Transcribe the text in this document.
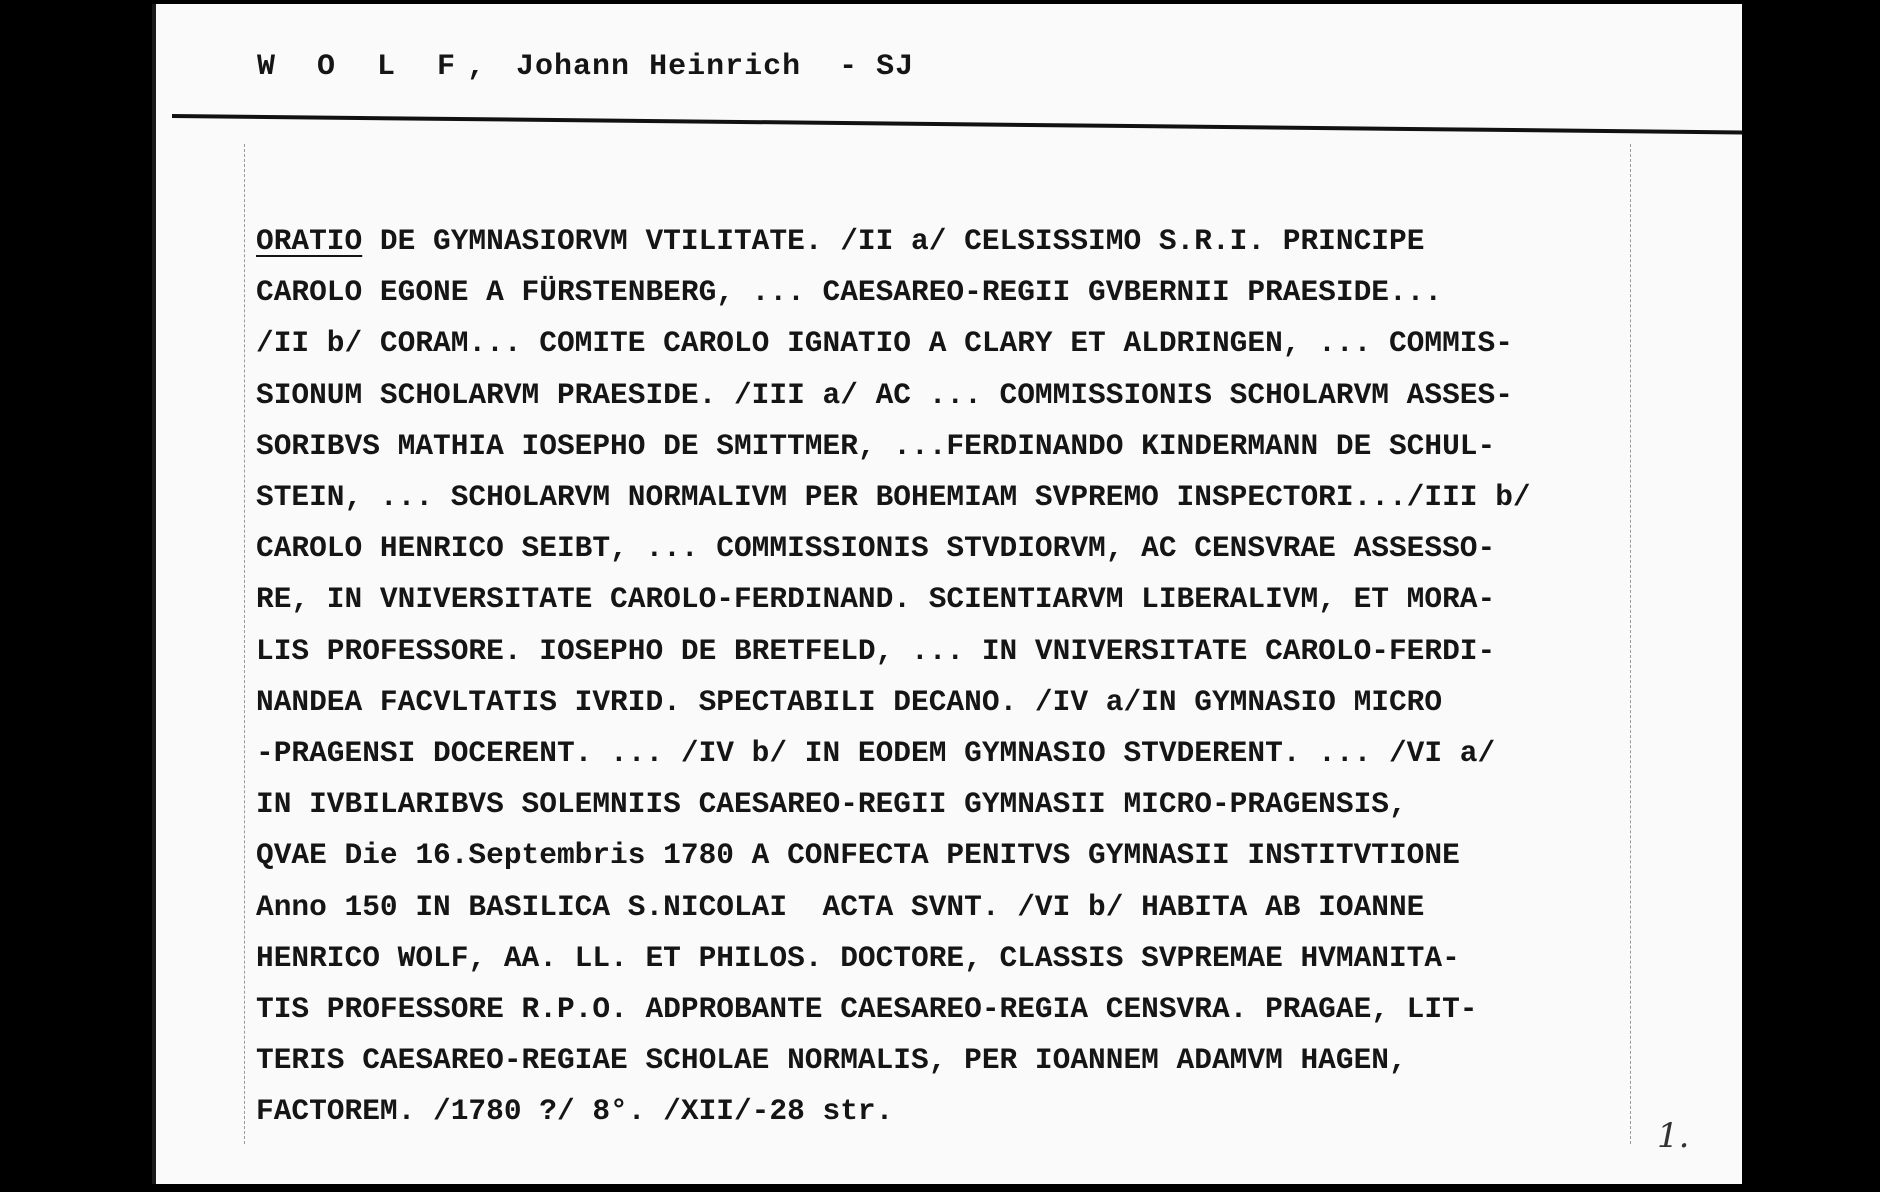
W O L F, Johann Heinrich - SJ
ORATIO DE GYMNASIORVM VTILITATE. /II a/ CELSISSIMO S.R.I. PRINCIPE
CAROLO EGONE A FÜRSTENBERG, ... CAESAREO-REGII GVBERNII PRAESIDE...
/II b/ CORAM... COMITE CAROLO IGNATIO A CLARY ET ALDRINGEN, ... COMMIS-
SIONUM SCHOLARVM PRAESIDE. /III a/ AC ... COMMISSIONIS SCHOLARVM ASSES-
SORIBVS MATHIA IOSEPHO DE SMITTMER, ...FERDINANDO KINDERMANN DE SCHUL-
STEIN, ... SCHOLARVM NORMALIVM PER BOHEMIAM SVPREMO INSPECTORI.../III b/
CAROLO HENRICO SEIBT, ... COMMISSIONIS STVDIORVM, AC CENSVRAE ASSESSO-
RE, IN VNIVERSITATE CAROLO-FERDINAND. SCIENTIARVM LIBERALIVM, ET MORA-
LIS PROFESSORE. IOSEPHO DE BRETFELD, ... IN VNIVERSITATE CAROLO-FERDI-
NANDEA FACVLTATIS IVRID. SPECTABILI DECANO. /IV a/IN GYMNASIO MICRO
-PRAGENSI DOCERENT. ... /IV b/ IN EODEM GYMNASIO STVDERENT. ... /VI a/
IN IVBILARIBVS SOLEMNIIS CAESAREO-REGII GYMNASII MICRO-PRAGENSIS,
QVAE Die 16.Septembris 1780 A CONFECTA PENITVS GYMNASII INSTITVTIONE
Anno 150 IN BASILICA S.NICOLAI  ACTA SVNT. /VI b/ HABITA AB IOANNE
HENRICO WOLF, AA. LL. ET PHILOS. DOCTORE, CLASSIS SVPREMAE HVMANITA-
TIS PROFESSORE R.P.O. ADPROBANTE CAESAREO-REGIA CENSVRA. PRAGAE, LIT-
TERIS CAESAREO-REGIAE SCHOLAE NORMALIS, PER IOANNEM ADAMVM HAGEN,
FACTOREM. /1780 ?/ 8°. /XII/-28 str.
1.
